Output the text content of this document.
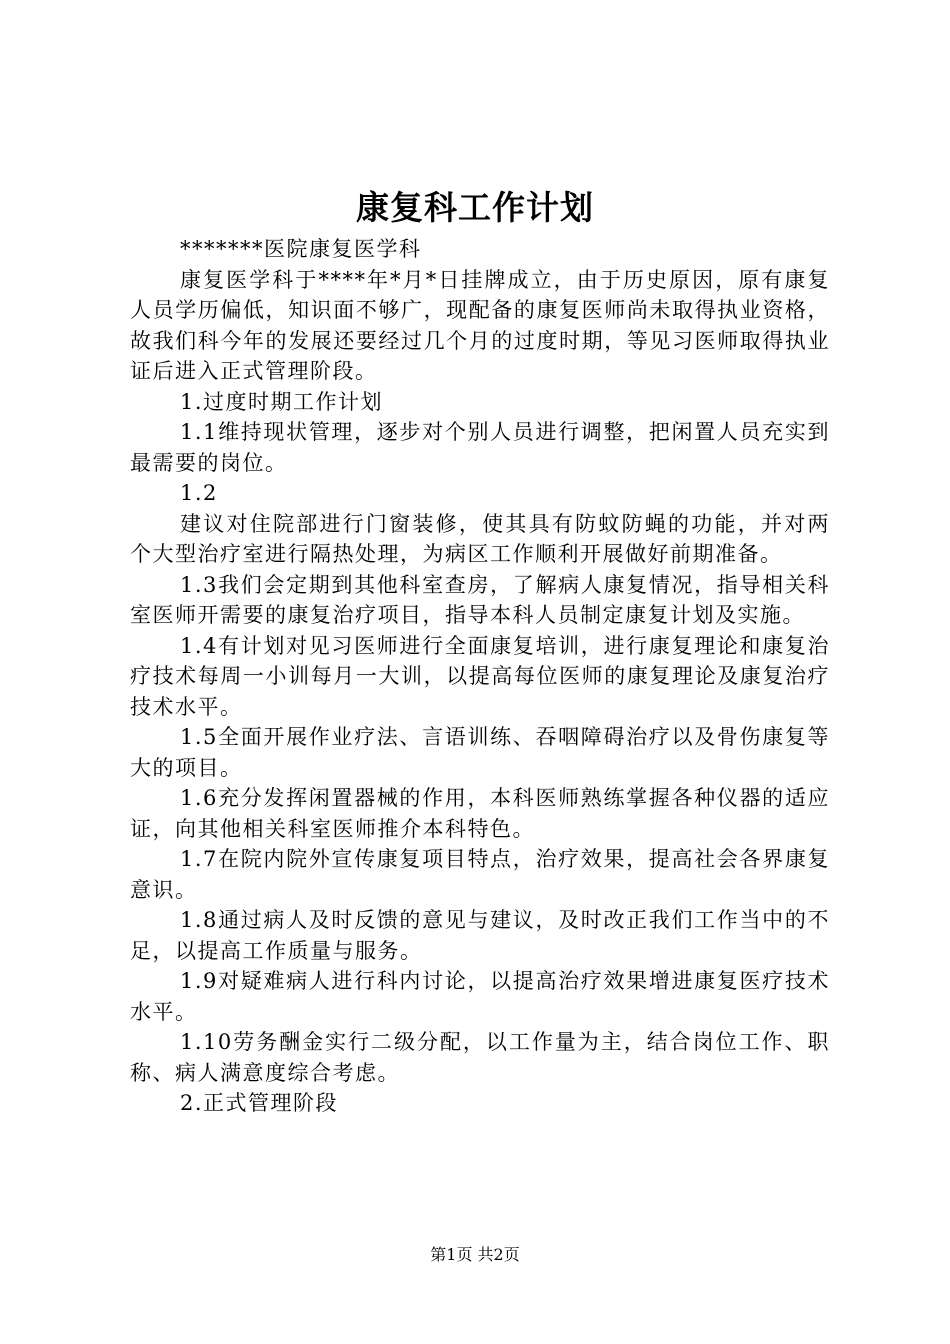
康复科工作计划

*******医院康复医学科

康复医学科于****年*月*日挂牌成立，由于历史原因，原有康复人员学历偏低，知识面不够广，现配备的康复医师尚未取得执业资格，故我们科今年的发展还要经过几个月的过度时期，等见习医师取得执业证后进入正式管理阶段。

1.过度时期工作计划

1.1维持现状管理，逐步对个别人员进行调整，把闲置人员充实到最需要的岗位。

1.2

建议对住院部进行门窗装修，使其具有防蚊防蝇的功能，并对两个大型治疗室进行隔热处理，为病区工作顺利开展做好前期准备。

1.3我们会定期到其他科室查房，了解病人康复情况，指导相关科室医师开需要的康复治疗项目，指导本科人员制定康复计划及实施。

1.4有计划对见习医师进行全面康复培训，进行康复理论和康复治疗技术每周一小训每月一大训，以提高每位医师的康复理论及康复治疗技术水平。

1.5全面开展作业疗法、言语训练、吞咽障碍治疗以及骨伤康复等大的项目。

1.6充分发挥闲置器械的作用，本科医师熟练掌握各种仪器的适应证，向其他相关科室医师推介本科特色。

1.7在院内院外宣传康复项目特点，治疗效果，提高社会各界康复意识。

1.8通过病人及时反馈的意见与建议，及时改正我们工作当中的不足，以提高工作质量与服务。

1.9对疑难病人进行科内讨论，以提高治疗效果增进康复医疗技术水平。

1.10劳务酬金实行二级分配，以工作量为主，结合岗位工作、职称、病人满意度综合考虑。

2.正式管理阶段

第1页 共2页
